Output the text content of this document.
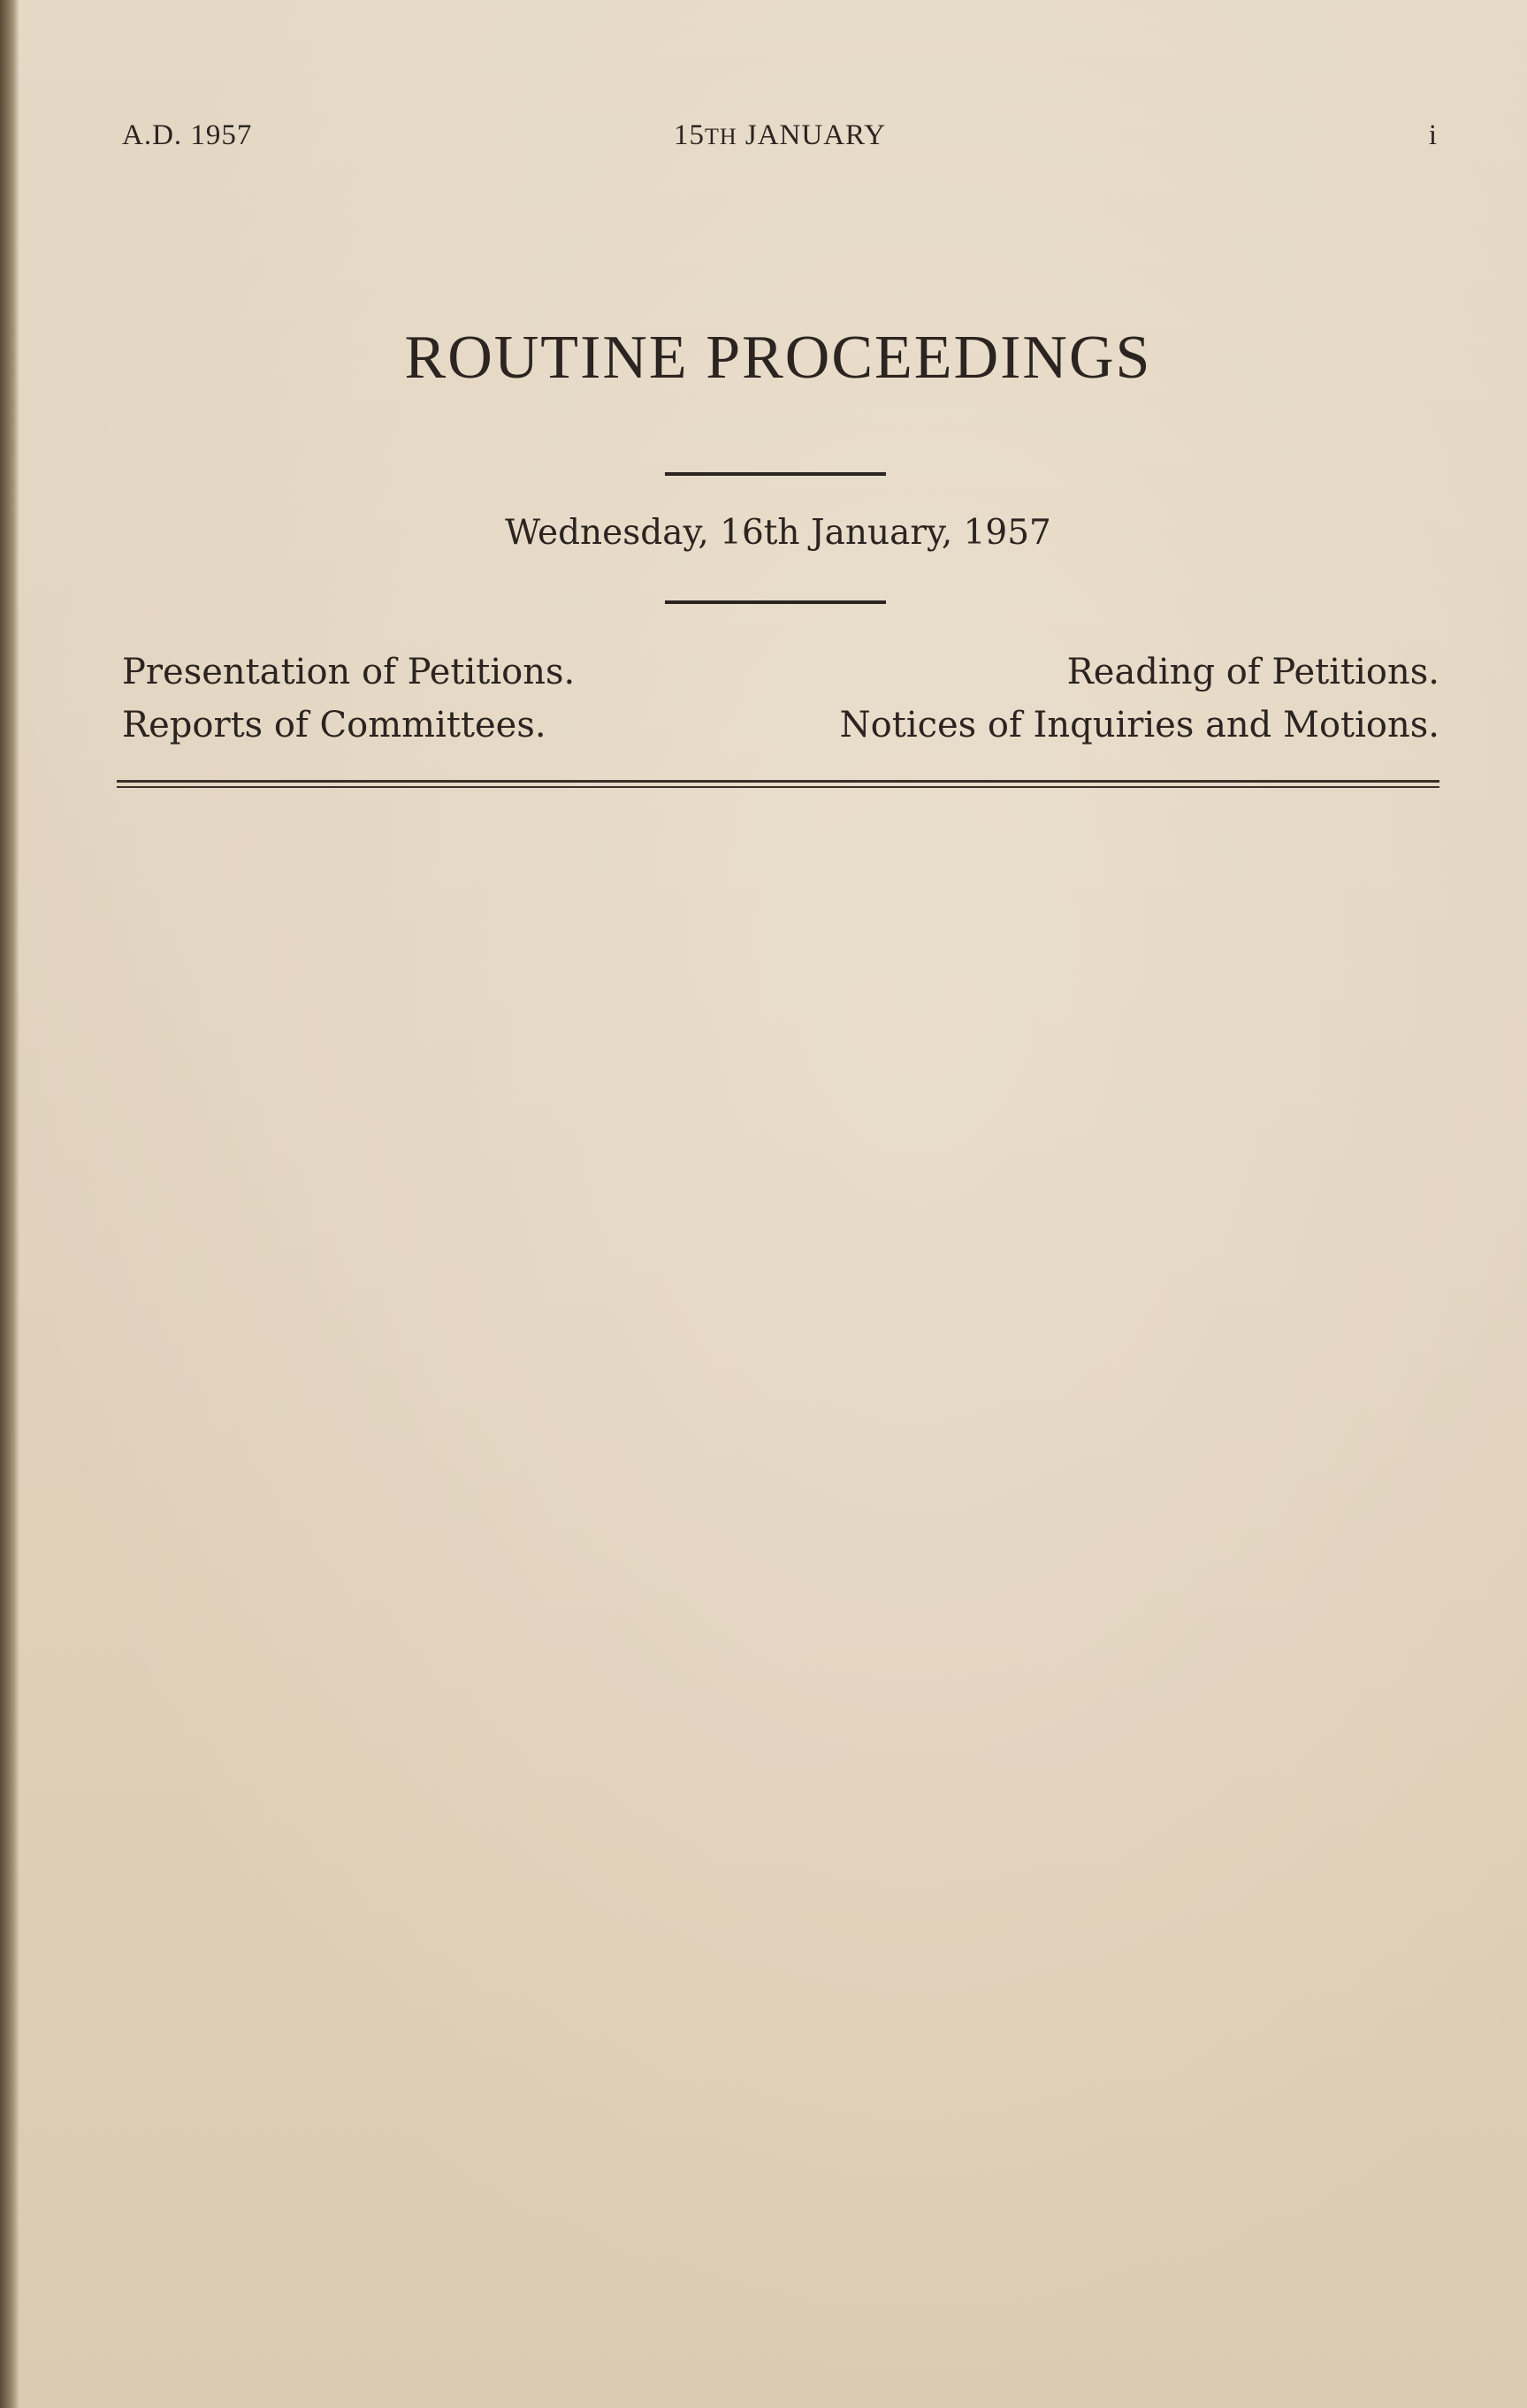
A.D. 1957	15TH JANUARY	i
ROUTINE PROCEEDINGS
Wednesday, 16th January, 1957
Presentation of Petitions.	Reading of Petitions.
Reports of Committees.	Notices of Inquiries and Motions.
